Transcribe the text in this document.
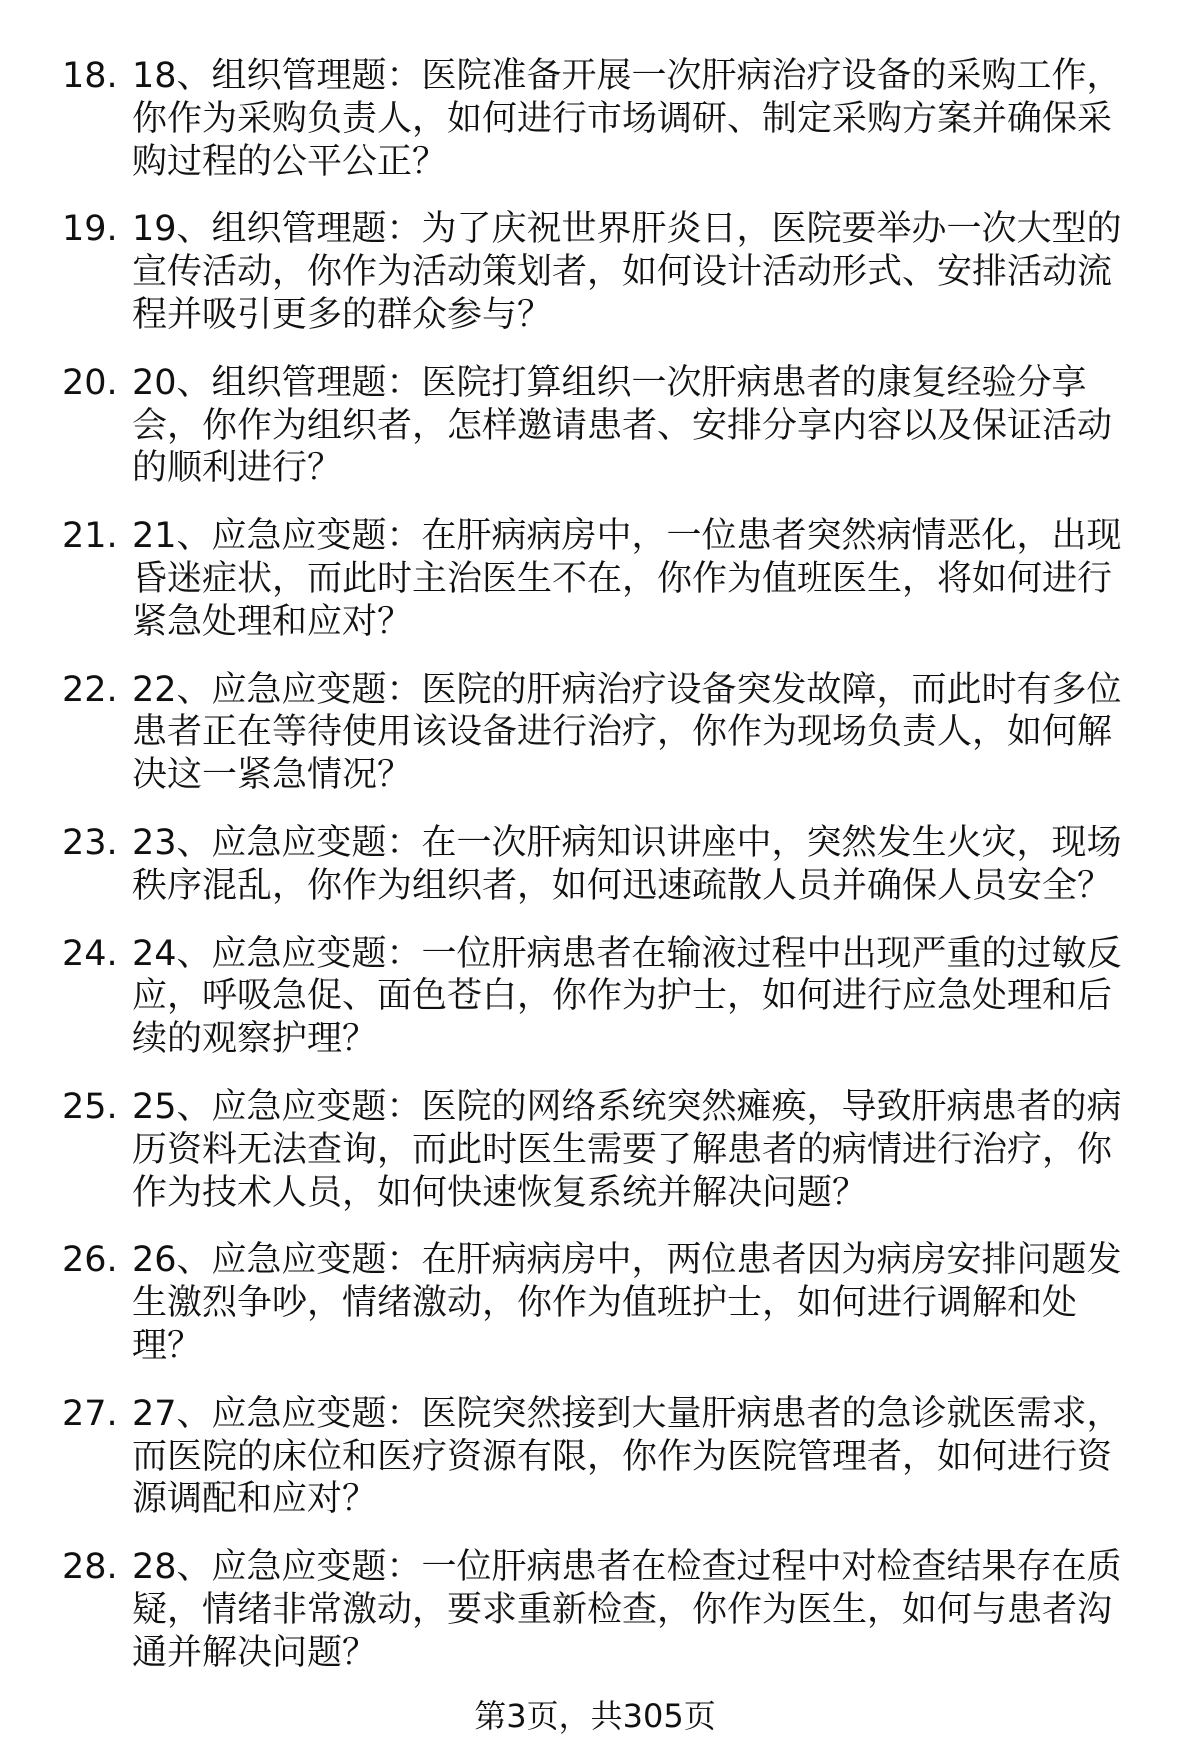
18. 18、组织管理题：医院准备开展一次肝病治疗设备的采购工作，
你作为采购负责人，如何进行市场调研、制定采购方案并确保采
购过程的公平公正？
19. 19、组织管理题：为了庆祝世界肝炎日，医院要举办一次大型的
宣传活动，你作为活动策划者，如何设计活动形式、安排活动流
程并吸引更多的群众参与？
20. 20、组织管理题：医院打算组织一次肝病患者的康复经验分享
会，你作为组织者，怎样邀请患者、安排分享内容以及保证活动
的顺利进行？
21. 21、应急应变题：在肝病病房中，一位患者突然病情恶化，出现
昏迷症状，而此时主治医生不在，你作为值班医生，将如何进行
紧急处理和应对？
22. 22、应急应变题：医院的肝病治疗设备突发故障，而此时有多位
患者正在等待使用该设备进行治疗，你作为现场负责人，如何解
决这一紧急情况？
23. 23、应急应变题：在一次肝病知识讲座中，突然发生火灾，现场
秩序混乱，你作为组织者，如何迅速疏散人员并确保人员安全？
24. 24、应急应变题：一位肝病患者在输液过程中出现严重的过敏反
应，呼吸急促、面色苍白，你作为护士，如何进行应急处理和后
续的观察护理？
25. 25、应急应变题：医院的网络系统突然瘫痪，导致肝病患者的病
历资料无法查询，而此时医生需要了解患者的病情进行治疗，你
作为技术人员，如何快速恢复系统并解决问题？
26. 26、应急应变题：在肝病病房中，两位患者因为病房安排问题发
生激烈争吵，情绪激动，你作为值班护士，如何进行调解和处
理？
27. 27、应急应变题：医院突然接到大量肝病患者的急诊就医需求，
而医院的床位和医疗资源有限，你作为医院管理者，如何进行资
源调配和应对？
28. 28、应急应变题：一位肝病患者在检查过程中对检查结果存在质
疑，情绪非常激动，要求重新检查，你作为医生，如何与患者沟
通并解决问题？
第3页，共305页
